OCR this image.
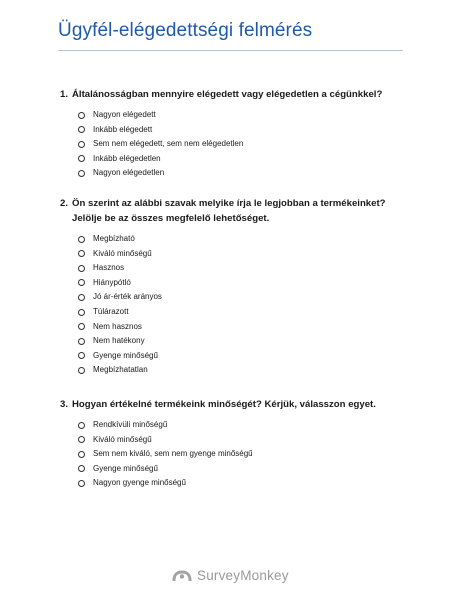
Ügyfél-elégedettségi felmérés
1. Általánosságban mennyire elégedett vagy elégedetlen a cégünkkel?
Nagyon elégedett
Inkább elégedett
Sem nem elégedett, sem nem elégedetlen
Inkább elégedetlen
Nagyon elégedetlen
2. Ön szerint az alábbi szavak melyike írja le legjobban a termékeinket? Jelölje be az összes megfelelő lehetőséget.
Megbízható
Kiváló minőségű
Hasznos
Hiánypótló
Jó ár-érték arányos
Túlárazott
Nem hasznos
Nem hatékony
Gyenge minőségű
Megbízhatatlan
3. Hogyan értékelné termékeink minőségét? Kérjük, válasszon egyet.
Rendkívüli minőségű
Kiváló minőségű
Sem nem kiváló, sem nem gyenge minőségű
Gyenge minőségű
Nagyon gyenge minőségű
SurveyMonkey
